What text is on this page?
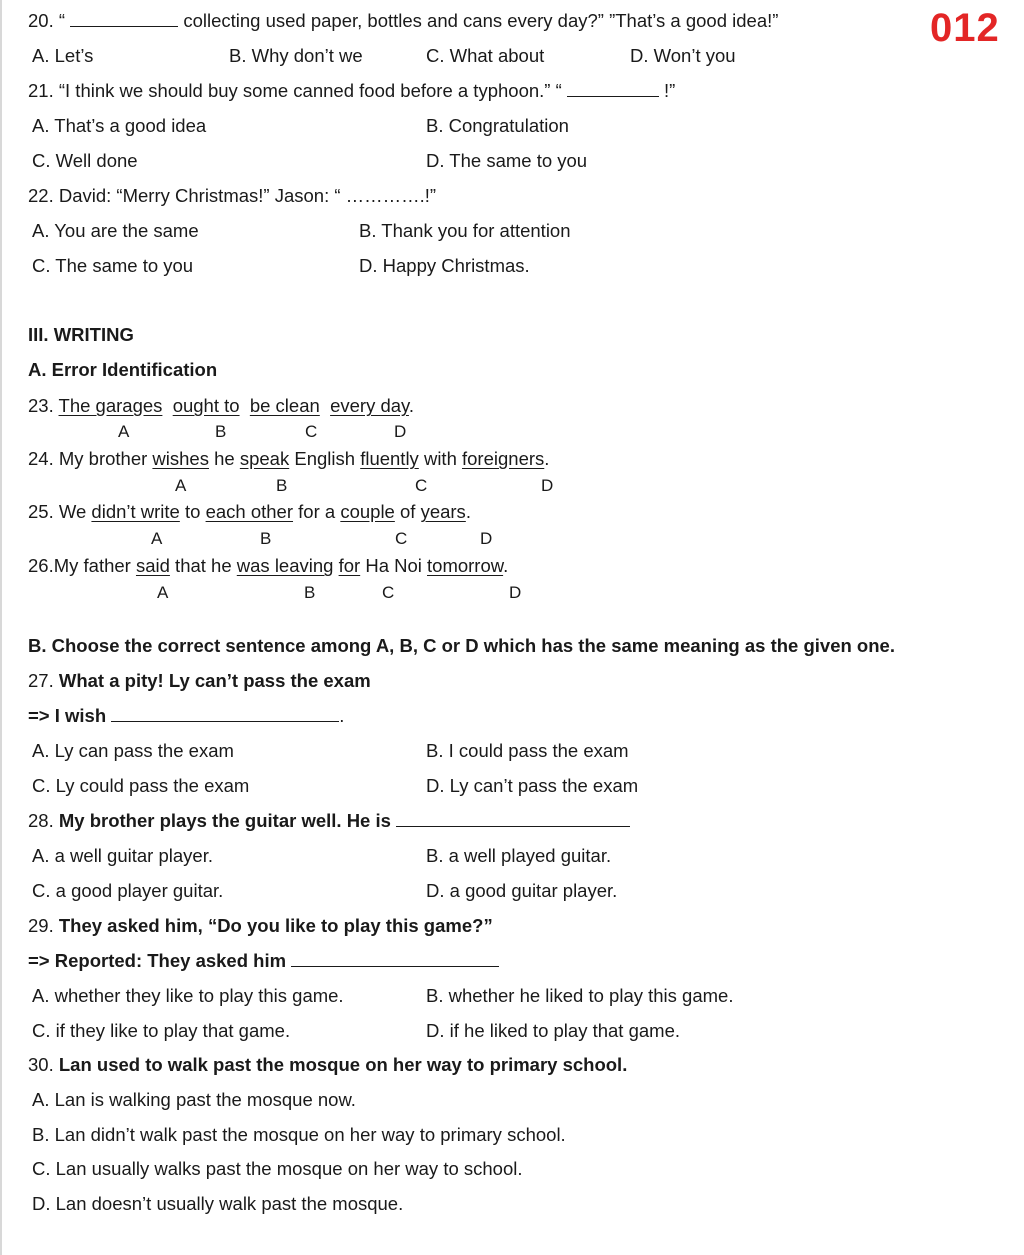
012
20. “	collecting used paper, bottles and cans every day?” ”That’s a good idea!”
A. Let’s	B. Why don’t we	C. What about	D. Won’t you
21. “I think we should buy some canned food before a typhoon.” “	!”
A. That’s a good idea	B. Congratulation
C. Well done	D. The same to you
22. David: “Merry Christmas!” Jason: “ ………….!”
A. You are the same	B. Thank you for attention
C. The same to you	D. Happy Christmas.
III. WRITING
A. Error Identification
23. The garages ought to be clean every day.
A	B	C	D
24. My brother wishes he speak English fluently with foreigners.
A	B	C	D
25. We didn’t write to each other for a couple of years.
A	B	C	D
26.My father said that he was leaving for Ha Noi tomorrow.
A	B	C	D
B. Choose the correct sentence among A, B, C or D which has the same meaning as the given one.
27. What a pity! Ly can’t pass the exam
=> I wish	.
A. Ly can pass the exam	B. I could pass the exam
C. Ly could pass the exam	D. Ly can’t pass the exam
28. My brother plays the guitar well. He is
A. a well guitar player.	B. a well played guitar.
C. a good player guitar.	D. a good guitar player.
29. They asked him, “Do you like to play this game?”
=> Reported: They asked him
A. whether they like to play this game.	B. whether he liked to play this game.
C. if they like to play that game.	D. if he liked to play that game.
30. Lan used to walk past the mosque on her way to primary school.
A. Lan is walking past the mosque now.
B. Lan didn’t walk past the mosque on her way to primary school.
C. Lan usually walks past the mosque on her way to school.
D. Lan doesn’t usually walk past the mosque.
